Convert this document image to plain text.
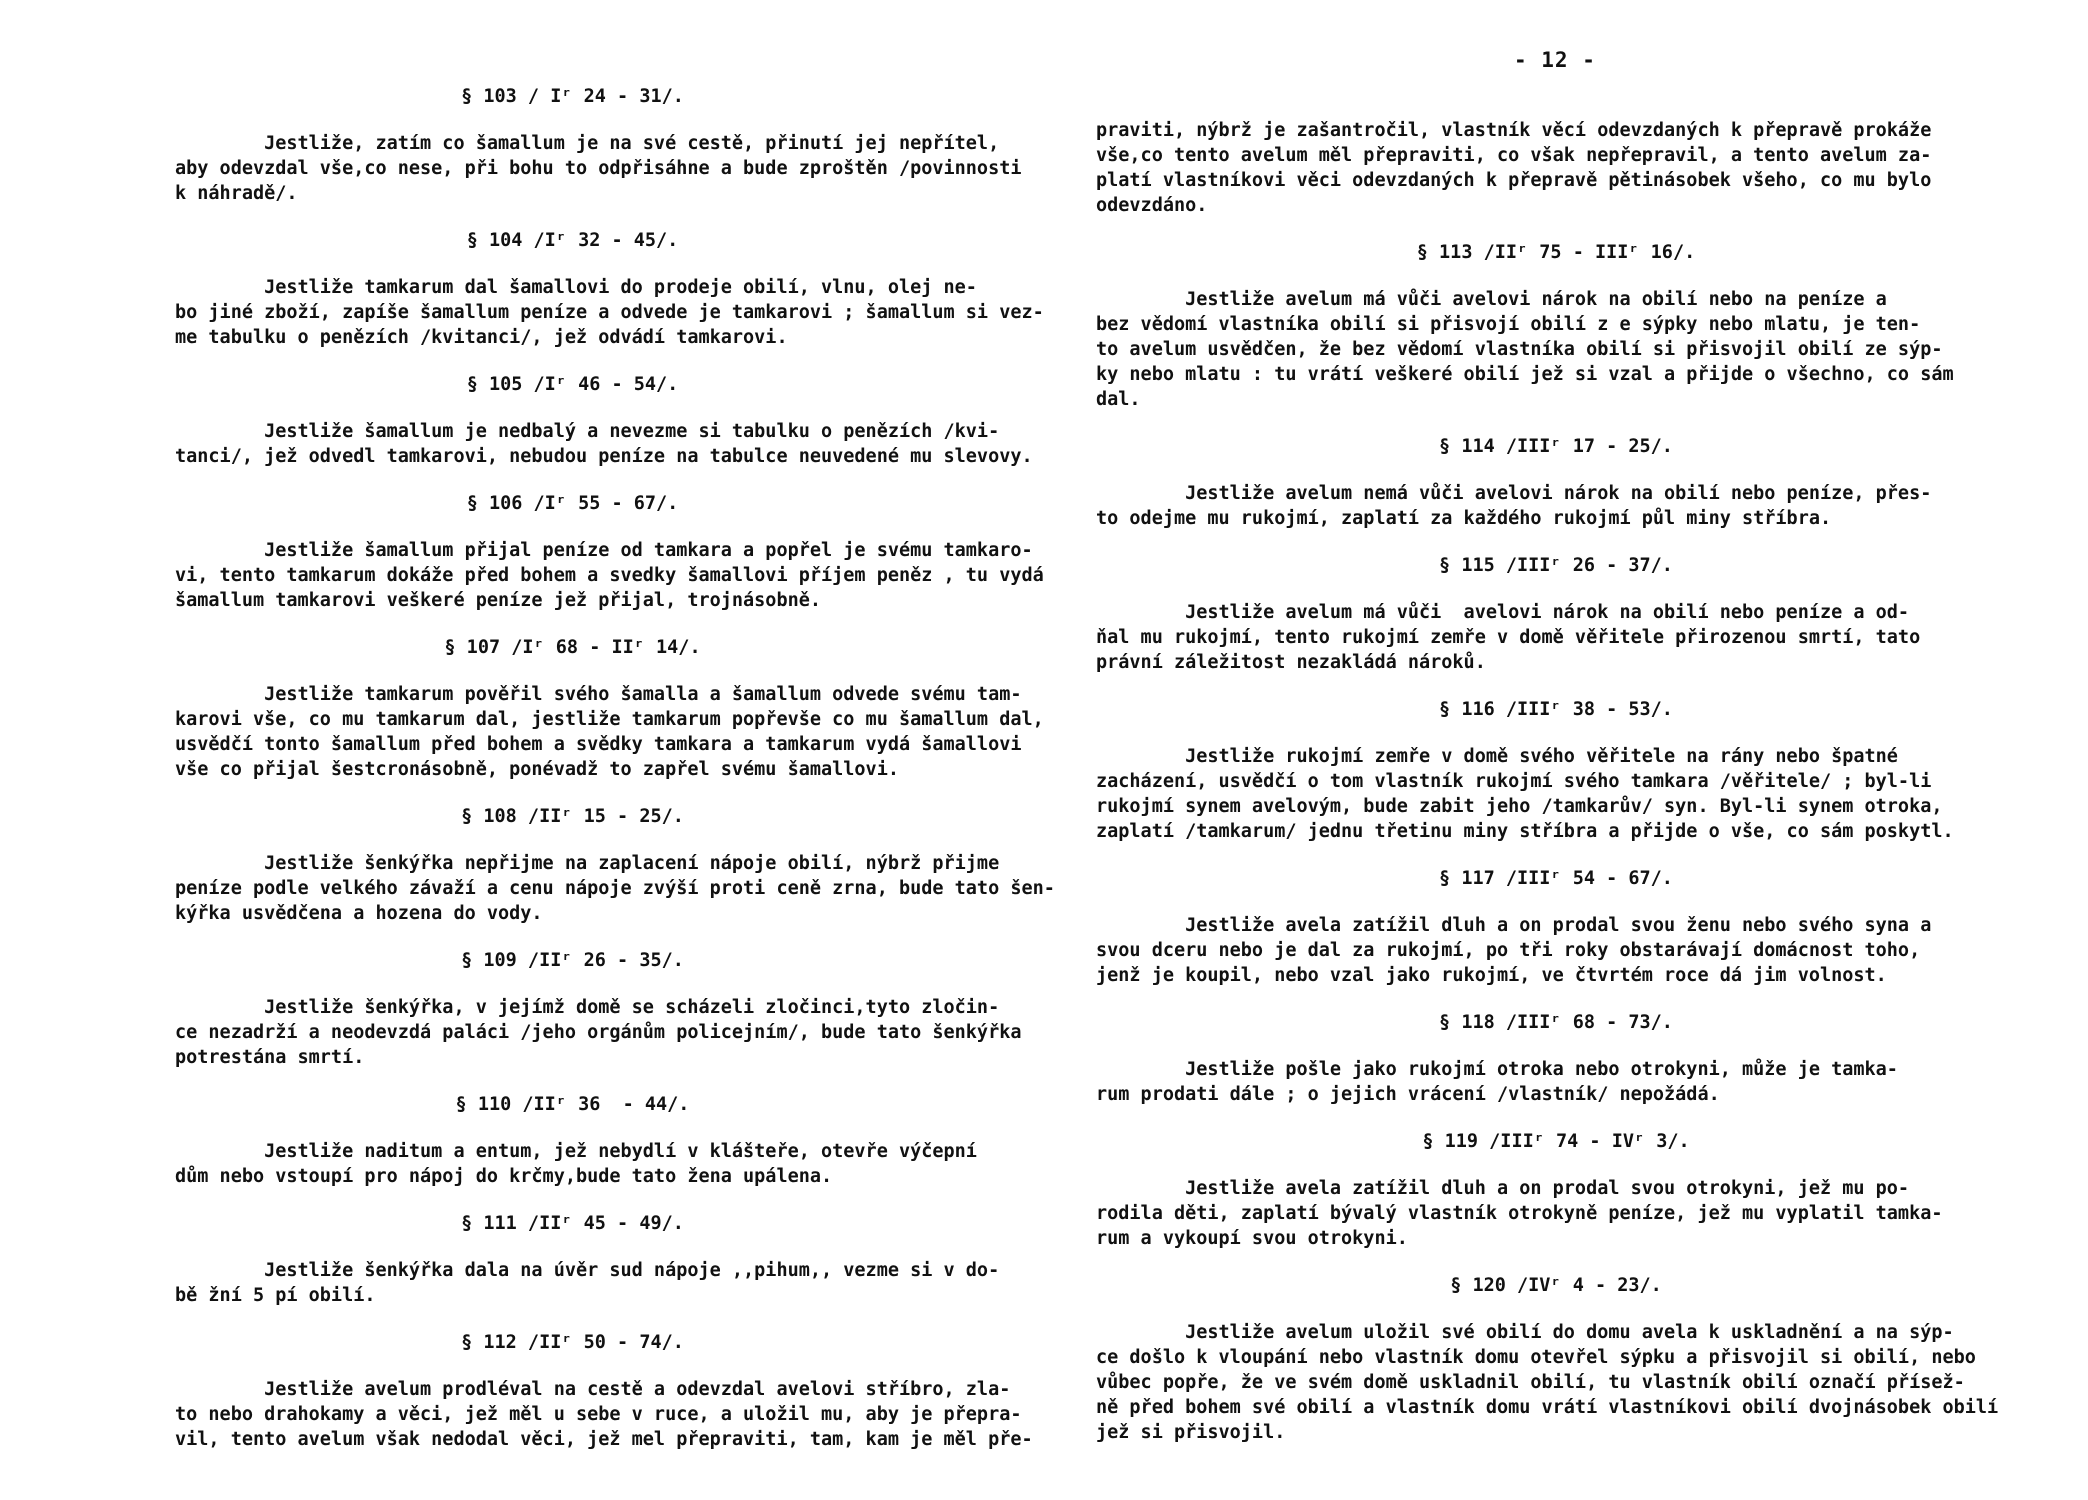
§ 103 / Iʳ 24 - 31/.
Jestliže, zatím co šamallum je na své cestě, přinutí jej nepřítel,
aby odevzdal vše,co nese, při bohu to odpřisáhne a bude zproštěn /povinnosti
k náhradě/.
§ 104 /Iʳ 32 - 45/.
Jestliže tamkarum dal šamallovi do prodeje obilí, vlnu, olej ne-
bo jiné zboží, zapíše šamallum peníze a odvede je tamkarovi ; šamallum si vez-
me tabulku o penězích /kvitanci/, jež odvádí tamkarovi.
§ 105 /Iʳ 46 - 54/.
Jestliže šamallum je nedbalý a nevezme si tabulku o penězích /kvi-
tanci/, jež odvedl tamkarovi, nebudou peníze na tabulce neuvedené mu slevovy.
§ 106 /Iʳ 55 - 67/.
Jestliže šamallum přijal peníze od tamkara a popřel je svému tamkaro-
vi, tento tamkarum dokáže před bohem a svedky šamallovi příjem peněz , tu vydá
šamallum tamkarovi veškeré peníze jež přijal, trojnásobně.
§ 107 /Iʳ 68 - IIʳ 14/.
Jestliže tamkarum pověřil svého šamalla a šamallum odvede svému tam-
karovi vše, co mu tamkarum dal, jestliže tamkarum popřevše co mu šamallum dal,
usvědčí tonto šamallum před bohem a svědky tamkara a tamkarum vydá šamallovi
vše co přijal šestcronásobně, ponévadž to zapřel svému šamallovi.
§ 108 /IIʳ 15 - 25/.
Jestliže šenkýřka nepřijme na zaplacení nápoje obilí, nýbrž přijme
peníze podle velkého závaží a cenu nápoje zvýší proti ceně zrna, bude tato šen-
kýřka usvědčena a hozena do vody.
§ 109 /IIʳ 26 - 35/.
Jestliže šenkýřka, v jejímž domě se scházeli zločinci,tyto zločin-
ce nezadrží a neodevzdá paláci /jeho orgánům policejním/, bude tato šenkýřka
potrestána smrtí.
§ 110 /IIʳ 36  - 44/.
Jestliže naditum a entum, jež nebydlí v klášteře, otevře výčepní
dům nebo vstoupí pro nápoj do krčmy,bude tato žena upálena.
§ 111 /IIʳ 45 - 49/.
Jestliže šenkýřka dala na úvěr sud nápoje ,,pihum,, vezme si v do-
bě žní 5 pí obilí.
§ 112 /IIʳ 50 - 74/.
Jestliže avelum prodléval na cestě a odevzdal avelovi stříbro, zla-
to nebo drahokamy a věci, jež měl u sebe v ruce, a uložil mu, aby je přepra-
vil, tento avelum však nedodal věci, jež mel přepraviti, tam, kam je měl pře-
- 12 -
praviti, nýbrž je zašantročil, vlastník věcí odevzdaných k přepravě prokáže
vše,co tento avelum měl přepraviti, co však nepřepravil, a tento avelum za-
platí vlastníkovi věci odevzdaných k přepravě pětinásobek všeho, co mu bylo
odevzdáno.
§ 113 /IIʳ 75 - IIIʳ 16/.
Jestliže avelum má vůči avelovi nárok na obilí nebo na peníze a
bez vědomí vlastníka obilí si přisvojí obilí z e sýpky nebo mlatu, je ten-
to avelum usvědčen, že bez vědomí vlastníka obilí si přisvojil obilí ze sýp-
ky nebo mlatu : tu vrátí veškeré obilí jež si vzal a přijde o všechno, co sám
dal.
§ 114 /IIIʳ 17 - 25/.
Jestliže avelum nemá vůči avelovi nárok na obilí nebo peníze, přes-
to odejme mu rukojmí, zaplatí za každého rukojmí půl miny stříbra.
§ 115 /IIIʳ 26 - 37/.
Jestliže avelum má vůči  avelovi nárok na obilí nebo peníze a od-
ňal mu rukojmí, tento rukojmí zemře v domě věřitele přirozenou smrtí, tato
právní záležitost nezakládá nároků.
§ 116 /IIIʳ 38 - 53/.
Jestliže rukojmí zemře v domě svého věřitele na rány nebo špatné
zacházení, usvědčí o tom vlastník rukojmí svého tamkara /věřitele/ ; byl-li
rukojmí synem avelovým, bude zabit jeho /tamkarův/ syn. Byl-li synem otroka,
zaplatí /tamkarum/ jednu třetinu miny stříbra a přijde o vše, co sám poskytl.
§ 117 /IIIʳ 54 - 67/.
Jestliže avela zatížil dluh a on prodal svou ženu nebo svého syna a
svou dceru nebo je dal za rukojmí, po tři roky obstarávají domácnost toho,
jenž je koupil, nebo vzal jako rukojmí, ve čtvrtém roce dá jim volnost.
§ 118 /IIIʳ 68 - 73/.
Jestliže pošle jako rukojmí otroka nebo otrokyni, může je tamka-
rum prodati dále ; o jejich vrácení /vlastník/ nepožádá.
§ 119 /IIIʳ 74 - IVʳ 3/.
Jestliže avela zatížil dluh a on prodal svou otrokyni, jež mu po-
rodila děti, zaplatí bývalý vlastník otrokyně peníze, jež mu vyplatil tamka-
rum a vykoupí svou otrokyni.
§ 120 /IVʳ 4 - 23/.
Jestliže avelum uložil své obilí do domu avela k uskladnění a na sýp-
ce došlo k vloupání nebo vlastník domu otevřel sýpku a přisvojil si obilí, nebo
vůbec popře, že ve svém domě uskladnil obilí, tu vlastník obilí označí přísež-
ně před bohem své obilí a vlastník domu vrátí vlastníkovi obilí dvojnásobek obilí
jež si přisvojil.
